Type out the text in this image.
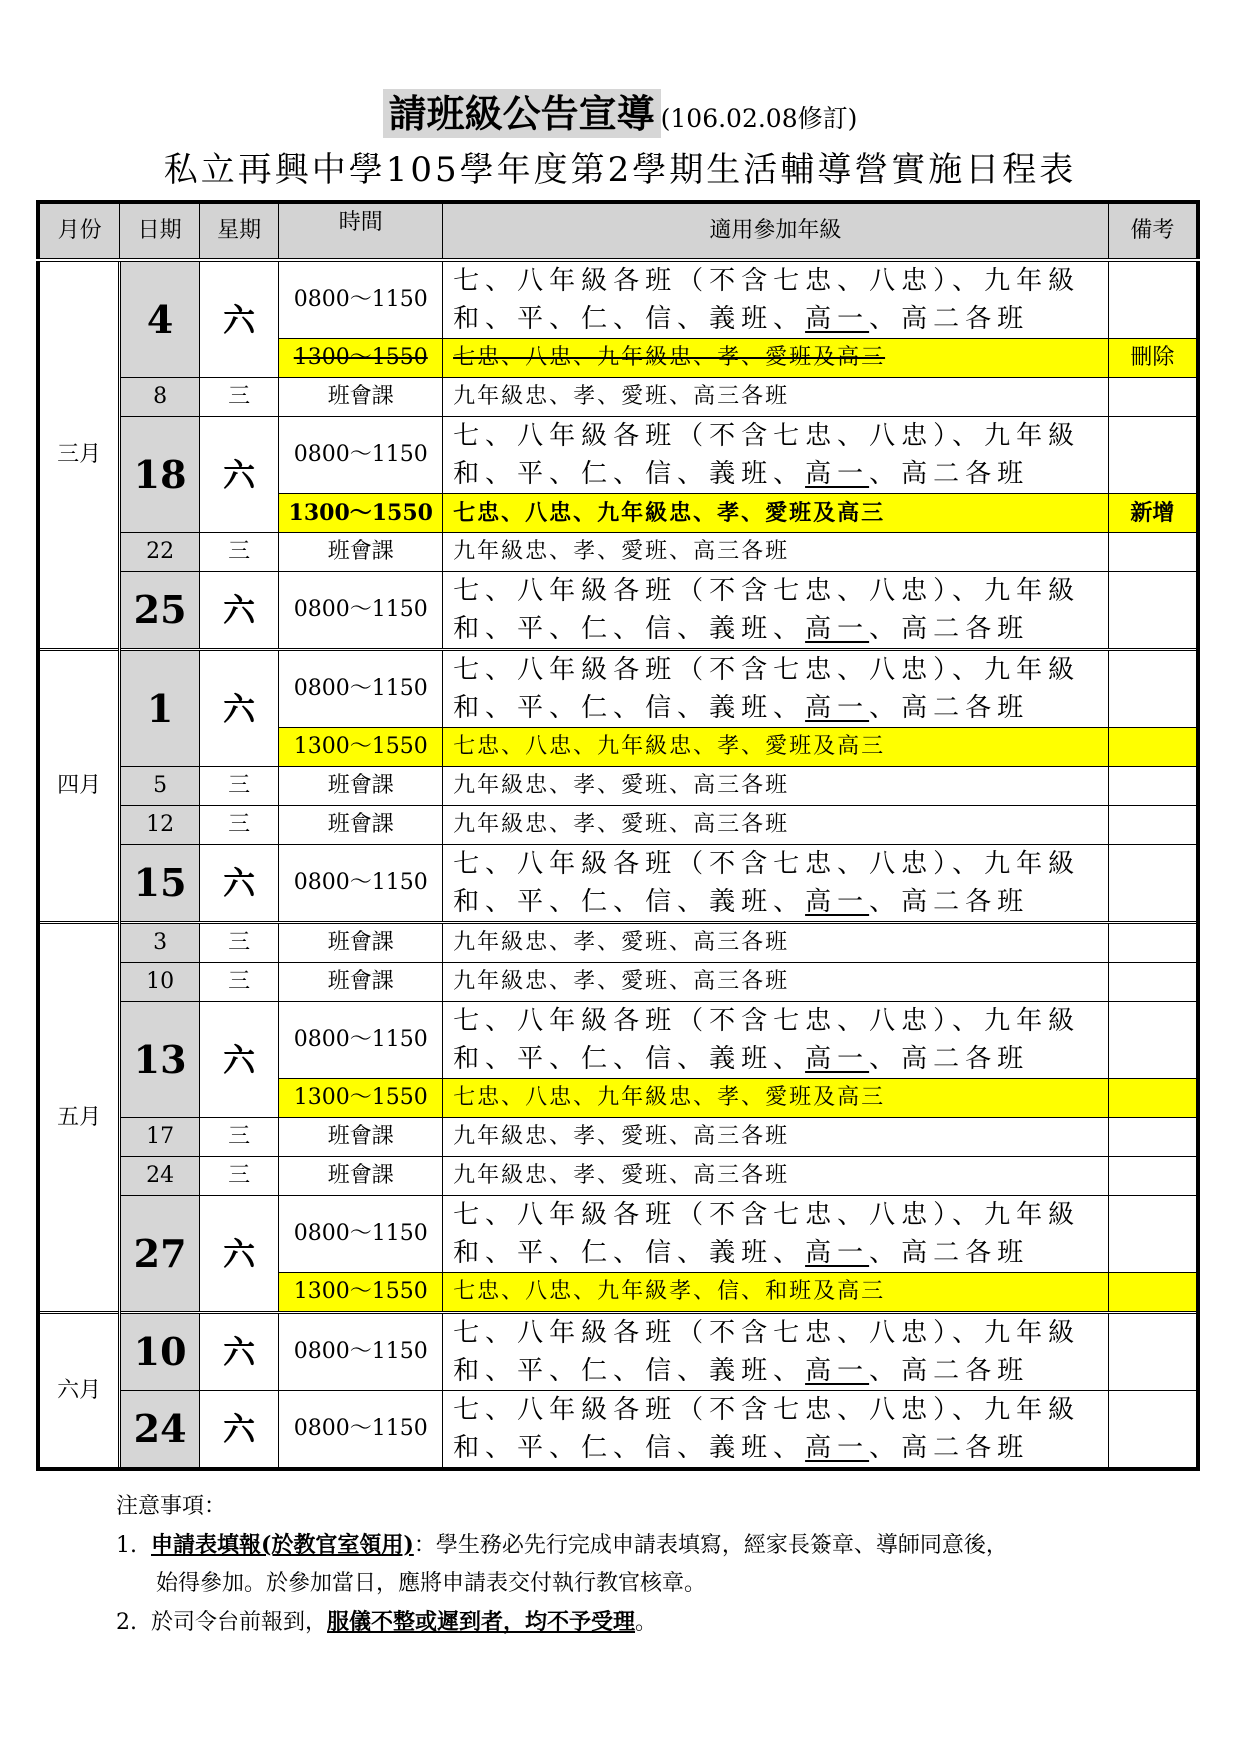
請班級公告宣導 (106.02.08修訂)
私立再興中學105學年度第2學期生活輔導營實施日程表
月份	日期	星期	時間	適用參加年級	備考
三月	4	六	0800～1150	七、八年級各班（不含七忠、八忠）、九年級
和、平、仁、信、義班、高一、高二各班	

			1300～1550	七忠、八忠、九年級忠、孝、愛班及高三	刪除
	8	三	班會課	九年級忠、孝、愛班、高三各班	
	18	六	0800～1150	七、八年級各班（不含七忠、八忠）、九年級
和、平、仁、信、義班、高一、高二各班	

			1300～1550	七忠、八忠、九年級忠、孝、愛班及高三	新增
	22	三	班會課	九年級忠、孝、愛班、高三各班	
	25	六	0800～1150	七、八年級各班（不含七忠、八忠）、九年級
和、平、仁、信、義班、高一、高二各班	

四月	1	六	0800～1150	七、八年級各班（不含七忠、八忠）、九年級
和、平、仁、信、義班、高一、高二各班	

			1300～1550	七忠、八忠、九年級忠、孝、愛班及高三	
	5	三	班會課	九年級忠、孝、愛班、高三各班	
	12	三	班會課	九年級忠、孝、愛班、高三各班	
	15	六	0800～1150	七、八年級各班（不含七忠、八忠）、九年級
和、平、仁、信、義班、高一、高二各班	

五月	3	三	班會課	九年級忠、孝、愛班、高三各班	
	10	三	班會課	九年級忠、孝、愛班、高三各班	
	13	六	0800～1150	七、八年級各班（不含七忠、八忠）、九年級
和、平、仁、信、義班、高一、高二各班	

			1300～1550	七忠、八忠、九年級忠、孝、愛班及高三	
	17	三	班會課	九年級忠、孝、愛班、高三各班	
	24	三	班會課	九年級忠、孝、愛班、高三各班	
	27	六	0800～1150	七、八年級各班（不含七忠、八忠）、九年級
和、平、仁、信、義班、高一、高二各班	

			1300～1550	七忠、八忠、九年級孝、信、和班及高三	
六月	10	六	0800～1150	七、八年級各班（不含七忠、八忠）、九年級
和、平、仁、信、義班、高一、高二各班	

	24	六	0800～1150	七、八年級各班（不含七忠、八忠）、九年級
和、平、仁、信、義班、高一、高二各班	

注意事項：
1. 申請表填報(於教官室領用)：學生務必先行完成申請表填寫，經家長簽章、導師同意後，
始得參加。於參加當日，應將申請表交付執行教官核章。
2. 於司令台前報到，服儀不整或遲到者，均不予受理。
